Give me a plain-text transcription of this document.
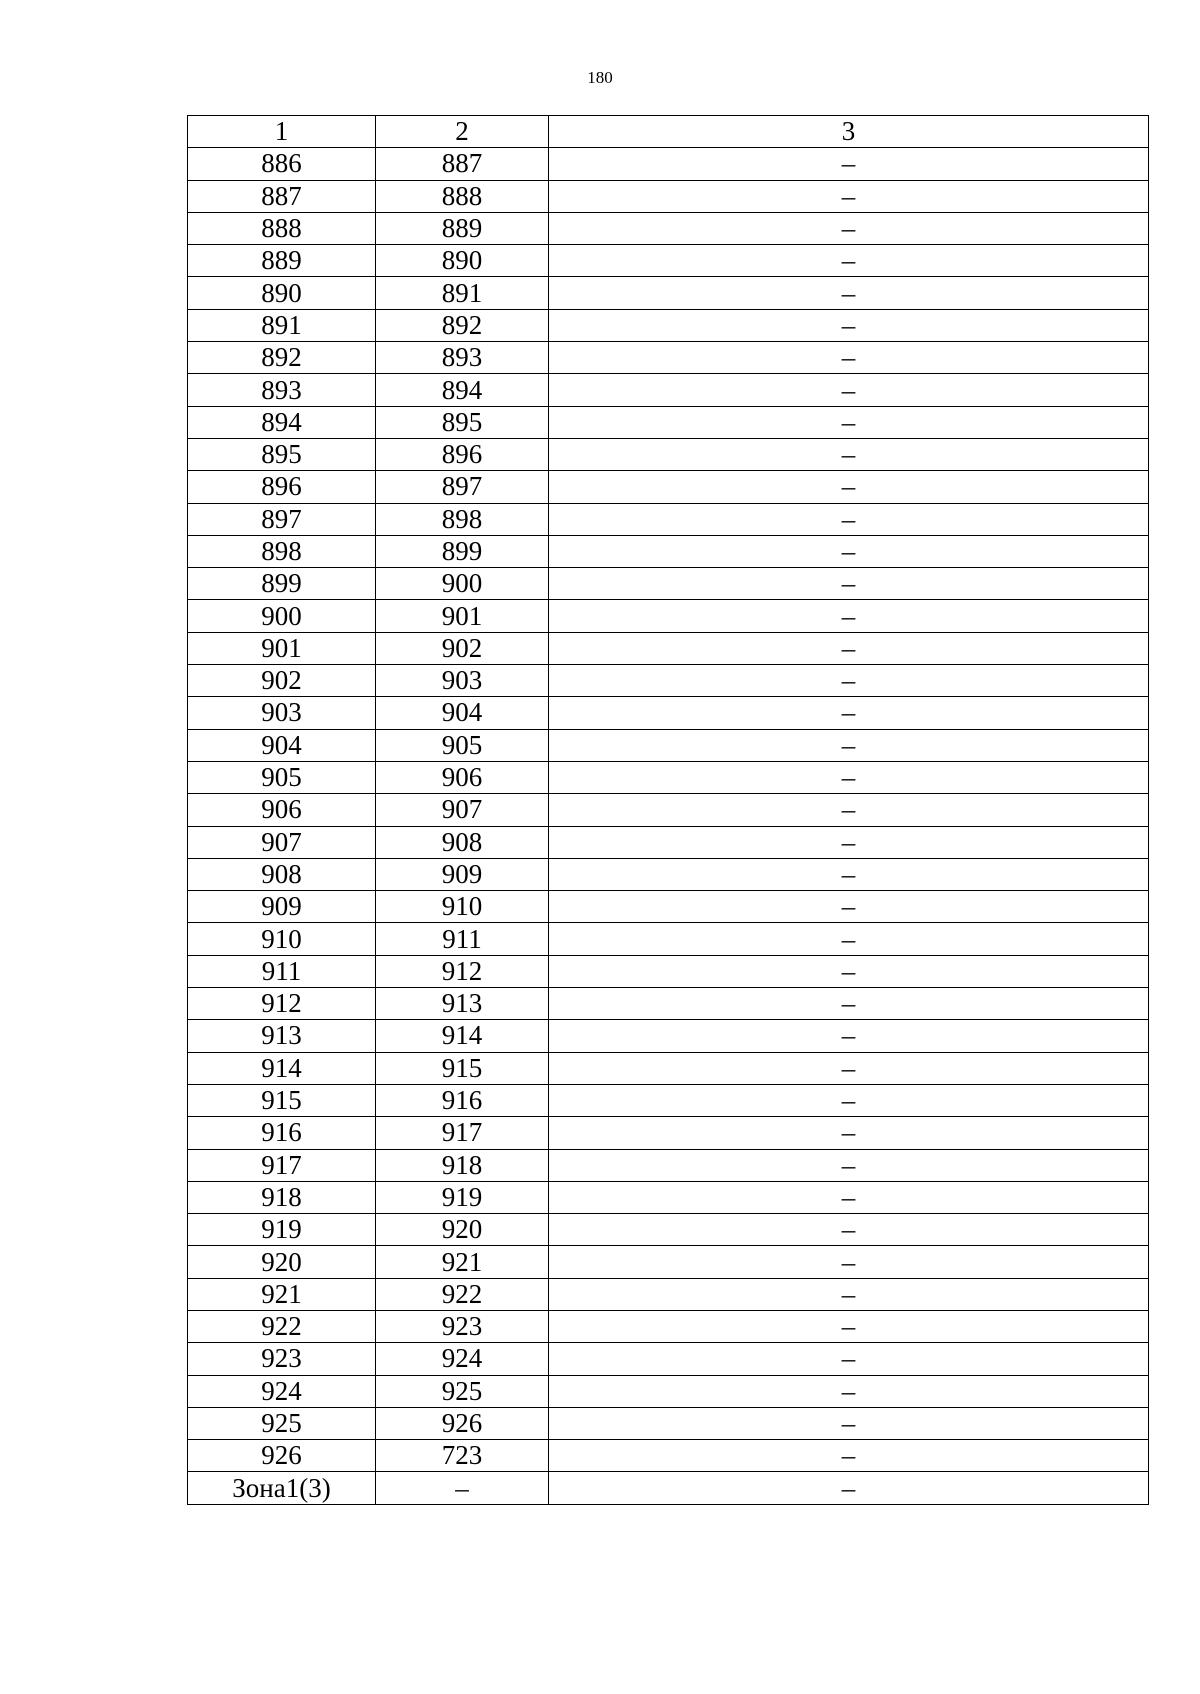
180
1	2	3
886	887	–
887	888	–
888	889	–
889	890	–
890	891	–
891	892	–
892	893	–
893	894	–
894	895	–
895	896	–
896	897	–
897	898	–
898	899	–
899	900	–
900	901	–
901	902	–
902	903	–
903	904	–
904	905	–
905	906	–
906	907	–
907	908	–
908	909	–
909	910	–
910	911	–
911	912	–
912	913	–
913	914	–
914	915	–
915	916	–
916	917	–
917	918	–
918	919	–
919	920	–
920	921	–
921	922	–
922	923	–
923	924	–
924	925	–
925	926	–
926	723	–
Зона1(3)	–	–
